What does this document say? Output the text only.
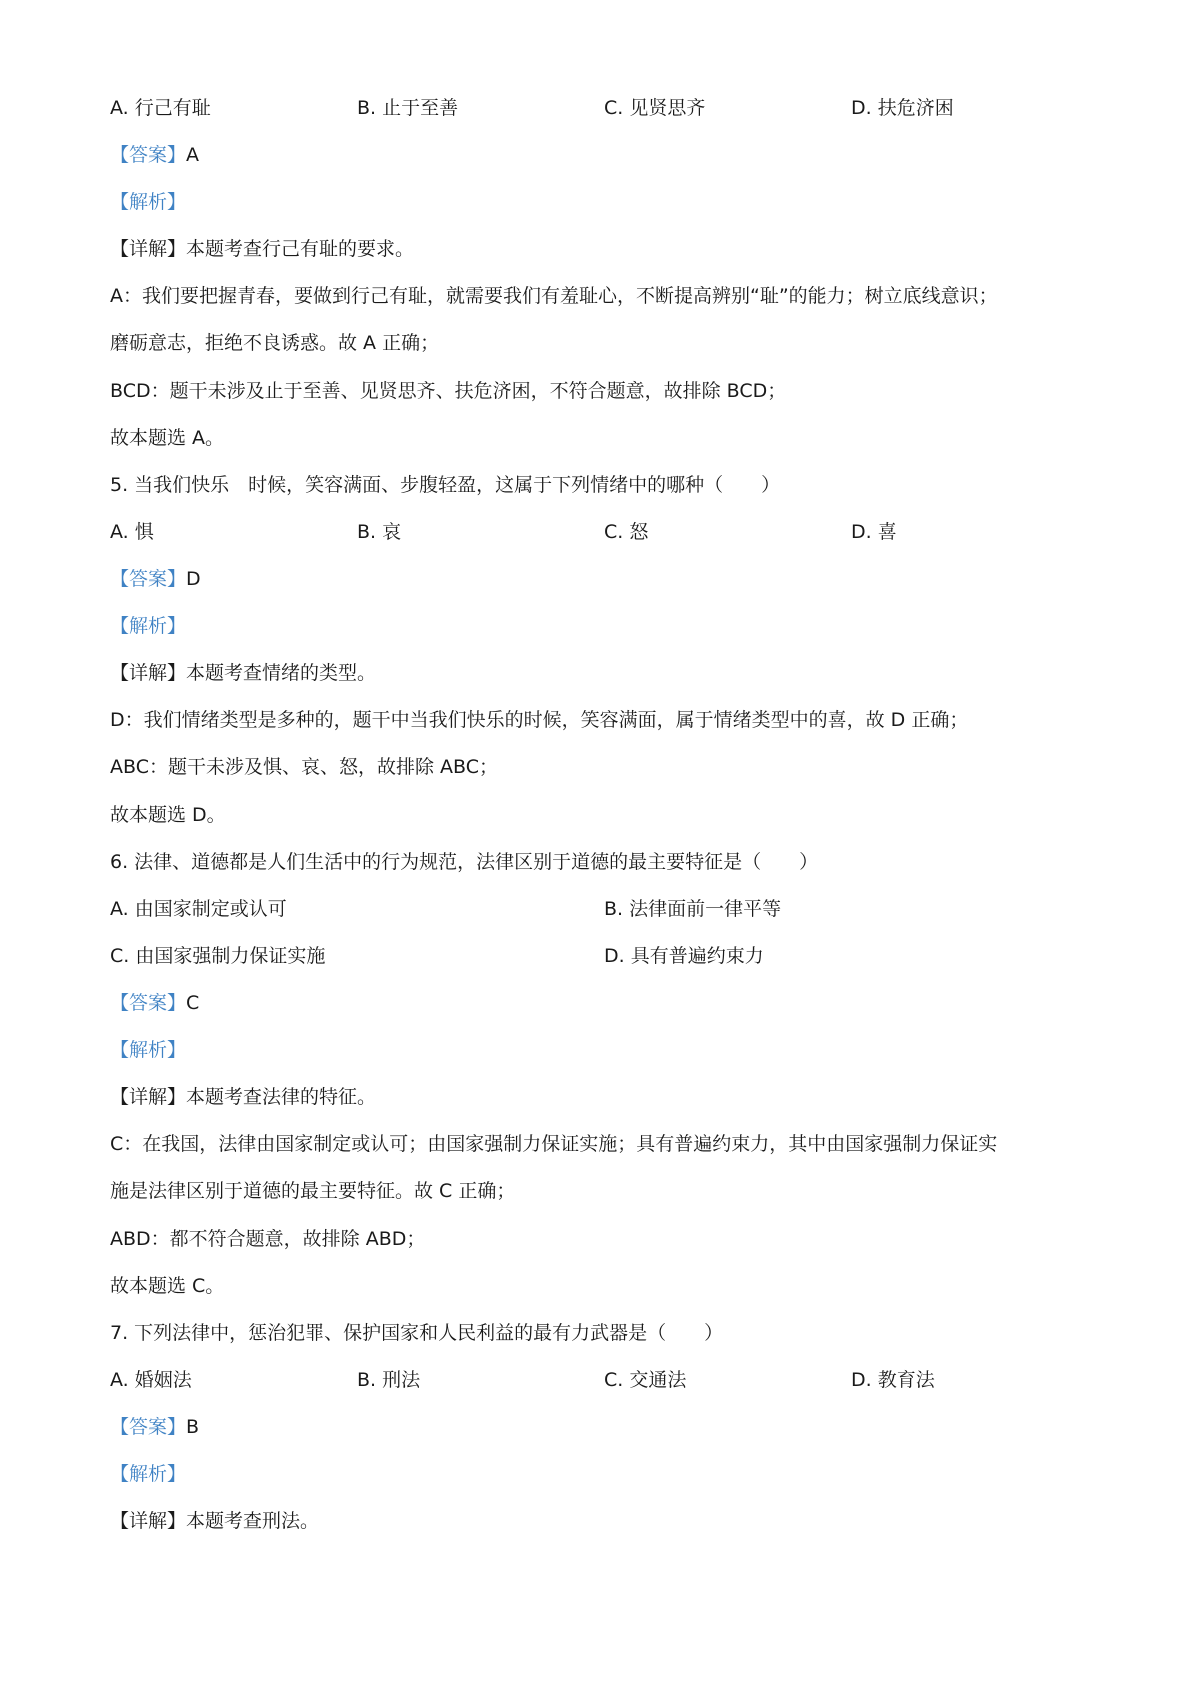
A. 行己有耻	B. 止于至善	C. 见贤思齐	D. 扶危济困
【答案】A
【解析】
【详解】本题考查行己有耻的要求。
A：我们要把握青春，要做到行己有耻，就需要我们有羞耻心，不断提高辨别“耻”的能力；树立底线意识；
磨砺意志，拒绝不良诱惑。故 A 正确；
BCD：题干未涉及止于至善、见贤思齐、扶危济困，不符合题意，故排除 BCD；
故本题选 A。
5. 当我们快乐　时候，笑容满面、步腹轻盈，这属于下列情绪中的哪种（　　）
A. 惧	B. 哀	C. 怒	D. 喜
【答案】D
【解析】
【详解】本题考查情绪的类型。
D：我们情绪类型是多种的，题干中当我们快乐的时候，笑容满面，属于情绪类型中的喜，故 D 正确；
ABC：题干未涉及惧、哀、怒，故排除 ABC；
故本题选 D。
6. 法律、道德都是人们生活中的行为规范，法律区别于道德的最主要特征是（　　）
A. 由国家制定或认可	B. 法律面前一律平等
C. 由国家强制力保证实施	D. 具有普遍约束力
【答案】C
【解析】
【详解】本题考查法律的特征。
C：在我国，法律由国家制定或认可；由国家强制力保证实施；具有普遍约束力，其中由国家强制力保证实
施是法律区别于道德的最主要特征。故 C 正确；
ABD：都不符合题意，故排除 ABD；
故本题选 C。
7. 下列法律中，惩治犯罪、保护国家和人民利益的最有力武器是（　　）
A. 婚姻法	B. 刑法	C. 交通法	D. 教育法
【答案】B
【解析】
【详解】本题考查刑法。
